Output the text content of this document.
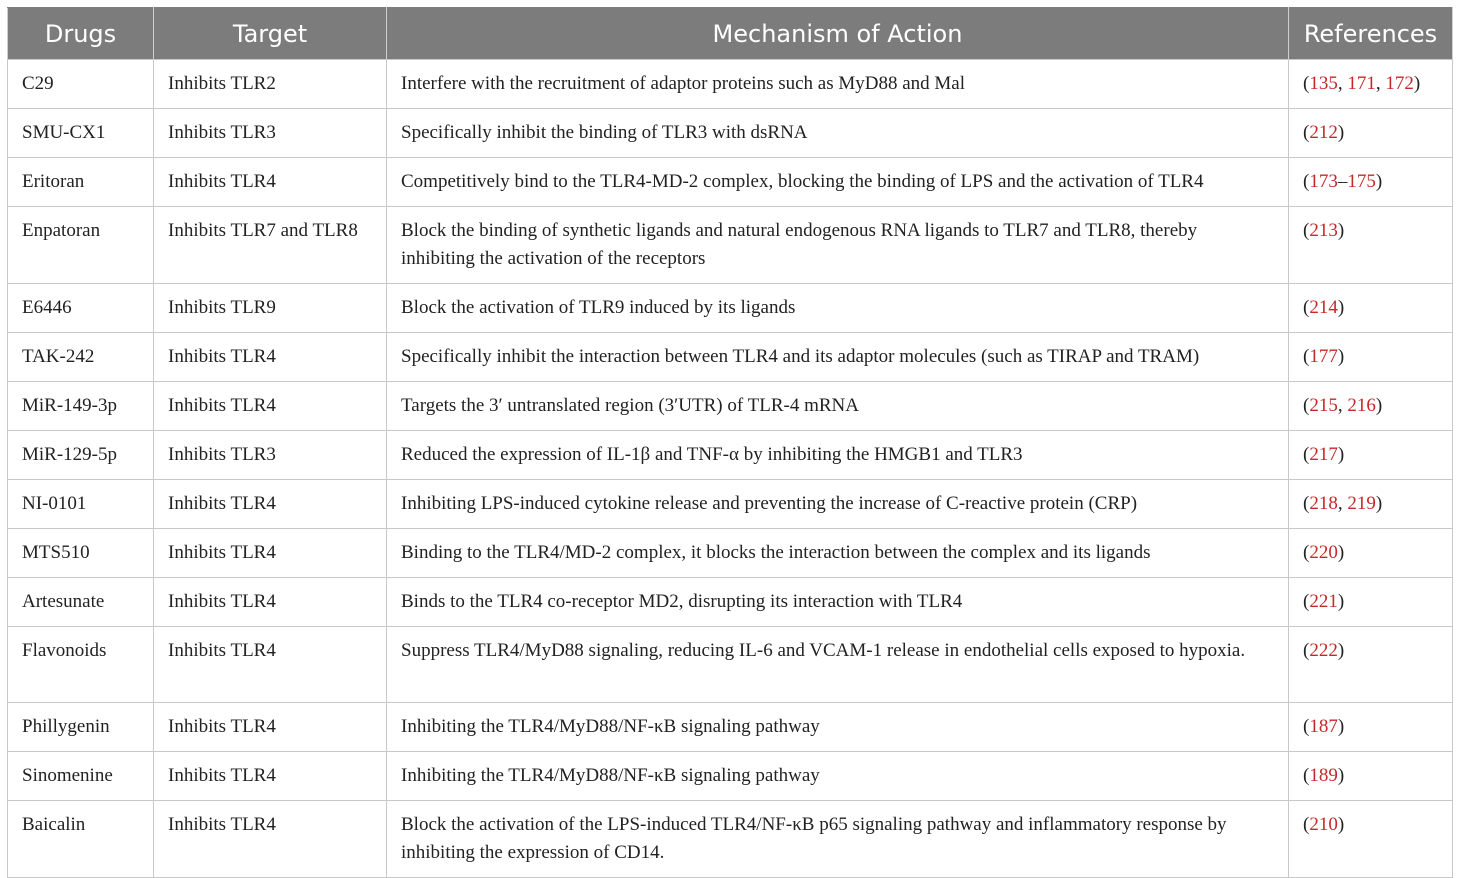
Drugs	Target	Mechanism of Action	References
C29	Inhibits TLR2	Interfere with the recruitment of adaptor proteins such as MyD88 and Mal	(135, 171, 172)
SMU-CX1	Inhibits TLR3	Specifically inhibit the binding of TLR3 with dsRNA	(212)
Eritoran	Inhibits TLR4	Competitively bind to the TLR4-MD-2 complex, blocking the binding of LPS and the activation of TLR4	(173–175)
Enpatoran	Inhibits TLR7 and TLR8	Block the binding of synthetic ligands and natural endogenous RNA ligands to TLR7 and TLR8, thereby inhibiting the activation of the receptors	(213)
E6446	Inhibits TLR9	Block the activation of TLR9 induced by its ligands	(214)
TAK-242	Inhibits TLR4	Specifically inhibit the interaction between TLR4 and its adaptor molecules (such as TIRAP and TRAM)	(177)
MiR-149-3p	Inhibits TLR4	Targets the 3′ untranslated region (3′UTR) of TLR-4 mRNA	(215, 216)
MiR-129-5p	Inhibits TLR3	Reduced the expression of IL-1β and TNF-α by inhibiting the HMGB1 and TLR3	(217)
NI-0101	Inhibits TLR4	Inhibiting LPS-induced cytokine release and preventing the increase of C-reactive protein (CRP)	(218, 219)
MTS510	Inhibits TLR4	Binding to the TLR4/MD-2 complex, it blocks the interaction between the complex and its ligands	(220)
Artesunate	Inhibits TLR4	Binds to the TLR4 co-receptor MD2, disrupting its interaction with TLR4	(221)
Flavonoids	Inhibits TLR4	Suppress TLR4/MyD88 signaling, reducing IL-6 and VCAM-1 release in endothelial cells exposed to hypoxia.	(222)
Phillygenin	Inhibits TLR4	Inhibiting the TLR4/MyD88/NF-κB signaling pathway	(187)
Sinomenine	Inhibits TLR4	Inhibiting the TLR4/MyD88/NF-κB signaling pathway	(189)
Baicalin	Inhibits TLR4	Block the activation of the LPS-induced TLR4/NF-κB p65 signaling pathway and inflammatory response by inhibiting the expression of CD14.	(210)
